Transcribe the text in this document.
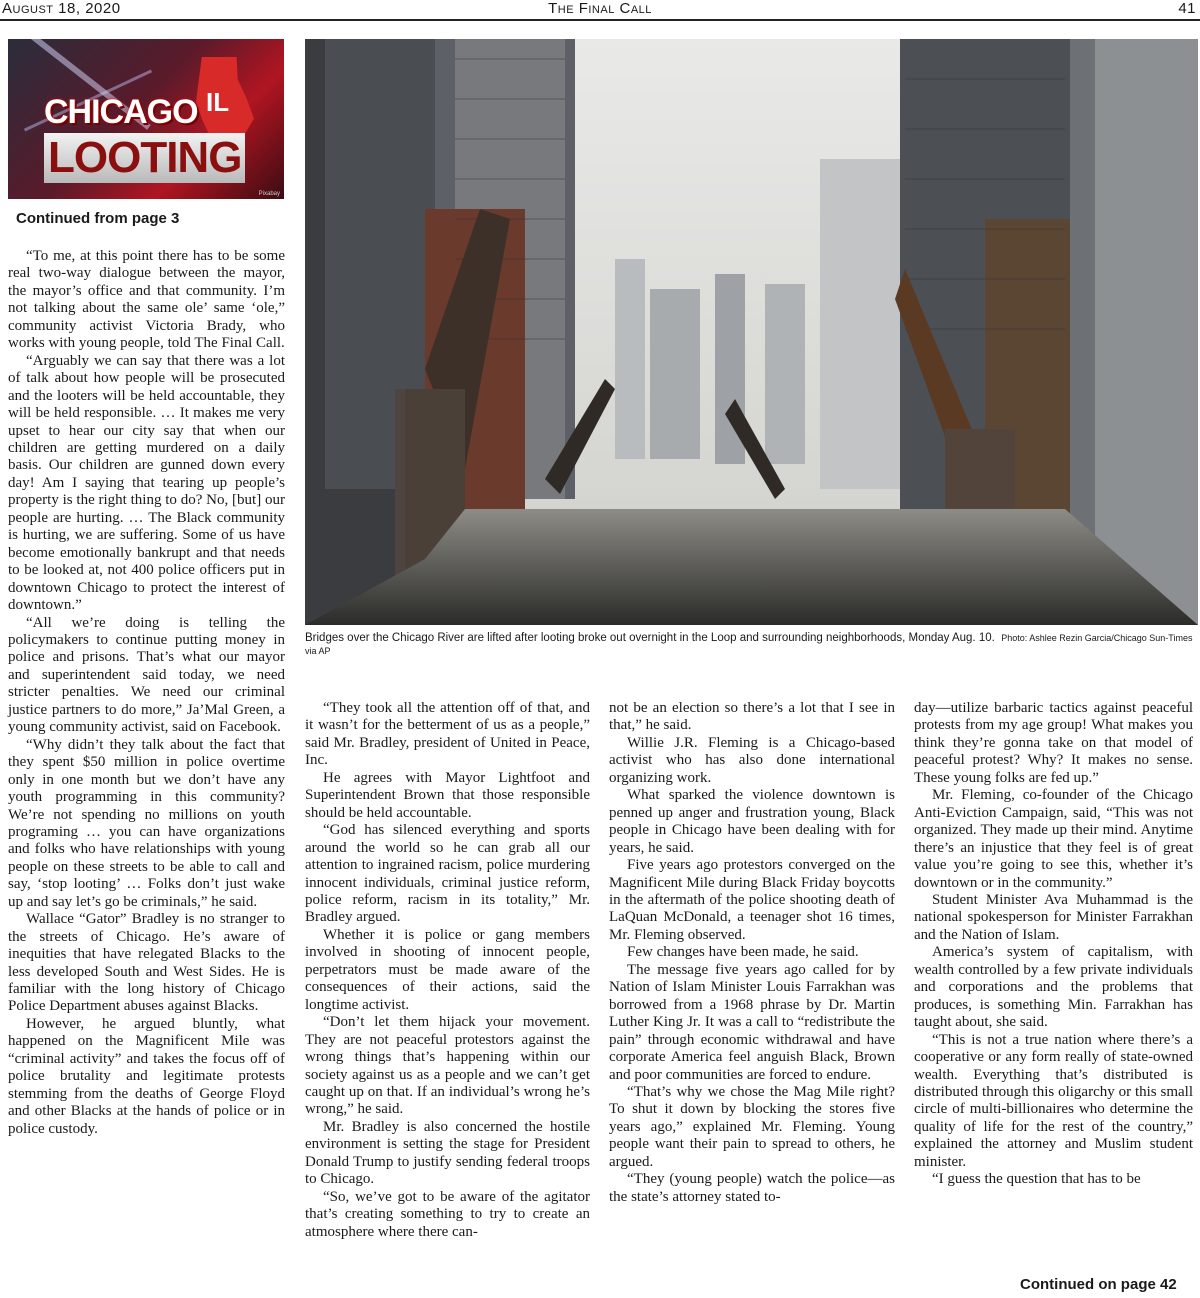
August 18, 2020	The Final Call	41
IL
CHICAGO
LOOTING
Pixabay
Continued from page 3

“To me, at this point there has to be some real two-way dialogue between the mayor, the mayor’s office and that community. I’m not talking about the same ole’ same ‘ole,” community activist Victoria Brady, who works with young people, told The Final Call.

“Arguably we can say that there was a lot of talk about how people will be prosecuted and the looters will be held accountable, they will be held responsible. … It makes me very upset to hear our city say that when our children are getting murdered on a daily basis. Our children are gunned down every day! Am I saying that tearing up people’s property is the right thing to do? No, [but] our people are hurting. … The Black community is hurting, we are suffering. Some of us have become emotionally bankrupt and that needs to be looked at, not 400 police officers put in downtown Chicago to protect the interest of downtown.”

“All we’re doing is telling the policymakers to continue putting money in police and prisons. That’s what our mayor and superintendent said today, we need stricter penalties. We need our criminal justice partners to do more,” Ja’Mal Green, a young community activist, said on Facebook.

“Why didn’t they talk about the fact that they spent $50 million in police overtime only in one month but we don’t have any youth programming in this community? We’re not spending no millions on youth programing … you can have organizations and folks who have relationships with young people on these streets to be able to call and say, ‘stop looting’ … Folks don’t just wake up and say let’s go be criminals,” he said.

Wallace “Gator” Bradley is no stranger to the streets of Chicago. He’s aware of inequities that have relegated Blacks to the less developed South and West Sides. He is familiar with the long history of Chicago Police Department abuses against Blacks.

However, he argued bluntly, what happened on the Magnificent Mile was “criminal activity” and takes the focus off of police brutality and legitimate protests stemming from the deaths of George Floyd and other Blacks at the hands of police or in police custody.

Bridges over the Chicago River are lifted after looting broke out overnight in the Loop and surrounding neighborhoods, Monday Aug. 10. Photo: Ashlee Rezin Garcia/Chicago Sun-Times via AP

“They took all the attention off of that, and it wasn’t for the betterment of us as a people,” said Mr. Bradley, president of United in Peace, Inc.

He agrees with Mayor Lightfoot and Superintendent Brown that those responsible should be held accountable.

“God has silenced everything and sports around the world so he can grab all our attention to ingrained racism, police murdering innocent individuals, criminal justice reform, police reform, racism in its totality,” Mr. Bradley argued.

Whether it is police or gang members involved in shooting of innocent people, perpetrators must be made aware of the consequences of their actions, said the longtime activist.

“Don’t let them hijack your movement. They are not peaceful protestors against the wrong things that’s happening within our society against us as a people and we can’t get caught up on that. If an individual’s wrong he’s wrong,” he said.

Mr. Bradley is also concerned the hostile environment is setting the stage for President Donald Trump to justify sending federal troops to Chicago.

“So, we’ve got to be aware of the agitator that’s creating something to try to create an atmosphere where there can-

not be an election so there’s a lot that I see in that,” he said.

Willie J.R. Fleming is a Chicago-based activist who has also done international organizing work.

What sparked the violence downtown is penned up anger and frustration young, Black people in Chicago have been dealing with for years, he said.

Five years ago protestors converged on the Magnificent Mile during Black Friday boycotts in the aftermath of the police shooting death of LaQuan McDonald, a teenager shot 16 times, Mr. Fleming observed.

Few changes have been made, he said.

The message five years ago called for by Nation of Islam Minister Louis Farrakhan was borrowed from a 1968 phrase by Dr. Martin Luther King Jr. It was a call to “redistribute the pain” through economic withdrawal and have corporate America feel anguish Black, Brown and poor communities are forced to endure.

“That’s why we chose the Mag Mile right? To shut it down by blocking the stores five years ago,” explained Mr. Fleming. Young people want their pain to spread to others, he argued.

“They (young people) watch the police—as the state’s attorney stated to-

day—utilize barbaric tactics against peaceful protests from my age group! What makes you think they’re gonna take on that model of peaceful protest? Why? It makes no sense. These young folks are fed up.”

Mr. Fleming, co-founder of the Chicago Anti-Eviction Campaign, said, “This was not organized. They made up their mind. Anytime there’s an injustice that they feel is of great value you’re going to see this, whether it’s downtown or in the community.”

Student Minister Ava Muhammad is the national spokesperson for Minister Farrakhan and the Nation of Islam.

America’s system of capitalism, with wealth controlled by a few private individuals and corporations and the problems that produces, is something Min. Farrakhan has taught about, she said.

“This is not a true nation where there’s a cooperative or any form really of state-owned wealth. Everything that’s distributed is distributed through this oligarchy or this small circle of multi-billionaires who determine the quality of life for the rest of the country,” explained the attorney and Muslim student minister.

“I guess the question that has to be

Continued on page 42
